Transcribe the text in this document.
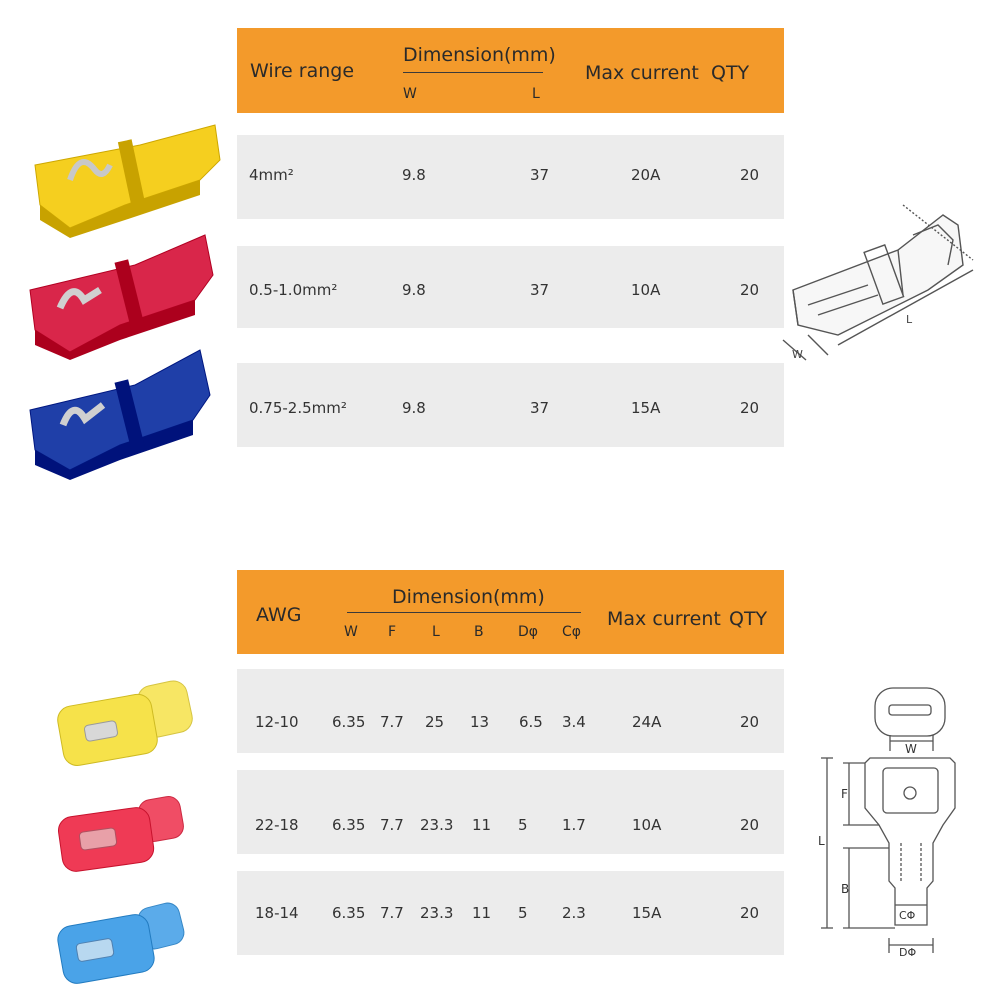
Wire range
Dimension(mm)
W	L
Max current QTY
4mm²	9.8	37	20A	20
0.5-1.0mm²	9.8	37	10A	20
0.75-2.5mm²	9.8	37	15A	20
L
W
AWG
Dimension(mm)
W F	L B Dφ Cφ
Max current QTY
12-10 6.35 7.7 25 13 6.5 3.4	24A	20
22-18 6.35 7.7 23.3 11 5 1.7	10A	20
18-14 6.35 7.7 23.3 11 5 2.3	15A	20
W
F
L
B
CΦ
DΦ
